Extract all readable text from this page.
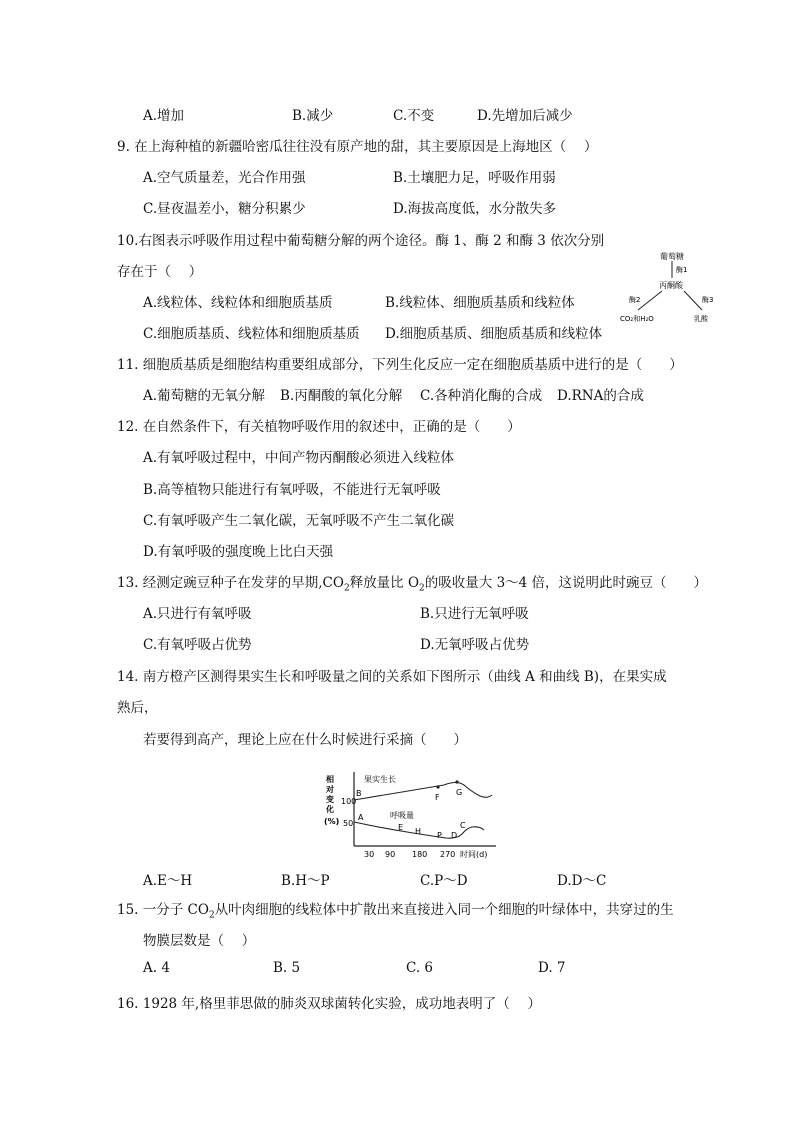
A.增加	B.减少	C.不变	D.先增加后减少
9. 在上海种植的新疆哈密瓜往往没有原产地的甜，其主要原因是上海地区（　 ）
A.空气质量差，光合作用强	B.土壤肥力足，呼吸作用弱
C.昼夜温差小，糖分积累少	D.海拔高度低，水分散失多
10.右图表示呼吸作用过程中葡萄糖分解的两个途径。酶 1、酶 2 和酶 3 依次分别
存在于（　 ）
A.线粒体、线粒体和细胞质基质	B.线粒体、细胞质基质和线粒体
C.细胞质基质、线粒体和细胞质基质 D.细胞质基质、细胞质基质和线粒体
葡萄糖
酶1
丙酮酸
酶2	酶3
CO₂和H₂O	乳酸
11. 细胞质基质是细胞结构重要组成部分，下列生化反应一定在细胞质基质中进行的是（　　）
A.葡萄糖的无氧分解 B.丙酮酸的氧化分解 C.各种消化酶的合成 D.RNA的合成
12. 在自然条件下，有关植物呼吸作用的叙述中，正确的是（　　）
A.有氧呼吸过程中，中间产物丙酮酸必须进入线粒体
B.高等植物只能进行有氧呼吸，不能进行无氧呼吸
C.有氧呼吸产生二氧化碳，无氧呼吸不产生二氧化碳
D.有氧呼吸的强度晚上比白天强
13. 经测定豌豆种子在发芽的早期$,CO_2$释放量比 $O_2$的吸收量大 3～4 倍，这说明此时豌豆（　　）
A.只进行有氧呼吸	B.只进行无氧呼吸
C.有氧呼吸占优势	D.无氧呼吸占优势
14. 南方橙产区测得果实生长和呼吸量之间的关系如下图所示（曲线 A 和曲线 B)，在果实成
熟后，
若要得到高产，理论上应在什么时候进行采摘（　　）
相 对 变 化 (%)
100
50
30 90 180 270 时间(d)
果实生长
B	F
G
呼吸量
A
E H P D
C
A.E～H	B.H～P	C.P～D	D.D～C
15. 一分子 $CO_2$从叶肉细胞的线粒体中扩散出来直接进入同一个细胞的叶绿体中，共穿过的生
物膜层数是（　 ）
A. 4	B. 5	C. 6	D. 7
16. 1928 年,格里菲思做的肺炎双球菌转化实验，成功地表明了（　 ）
